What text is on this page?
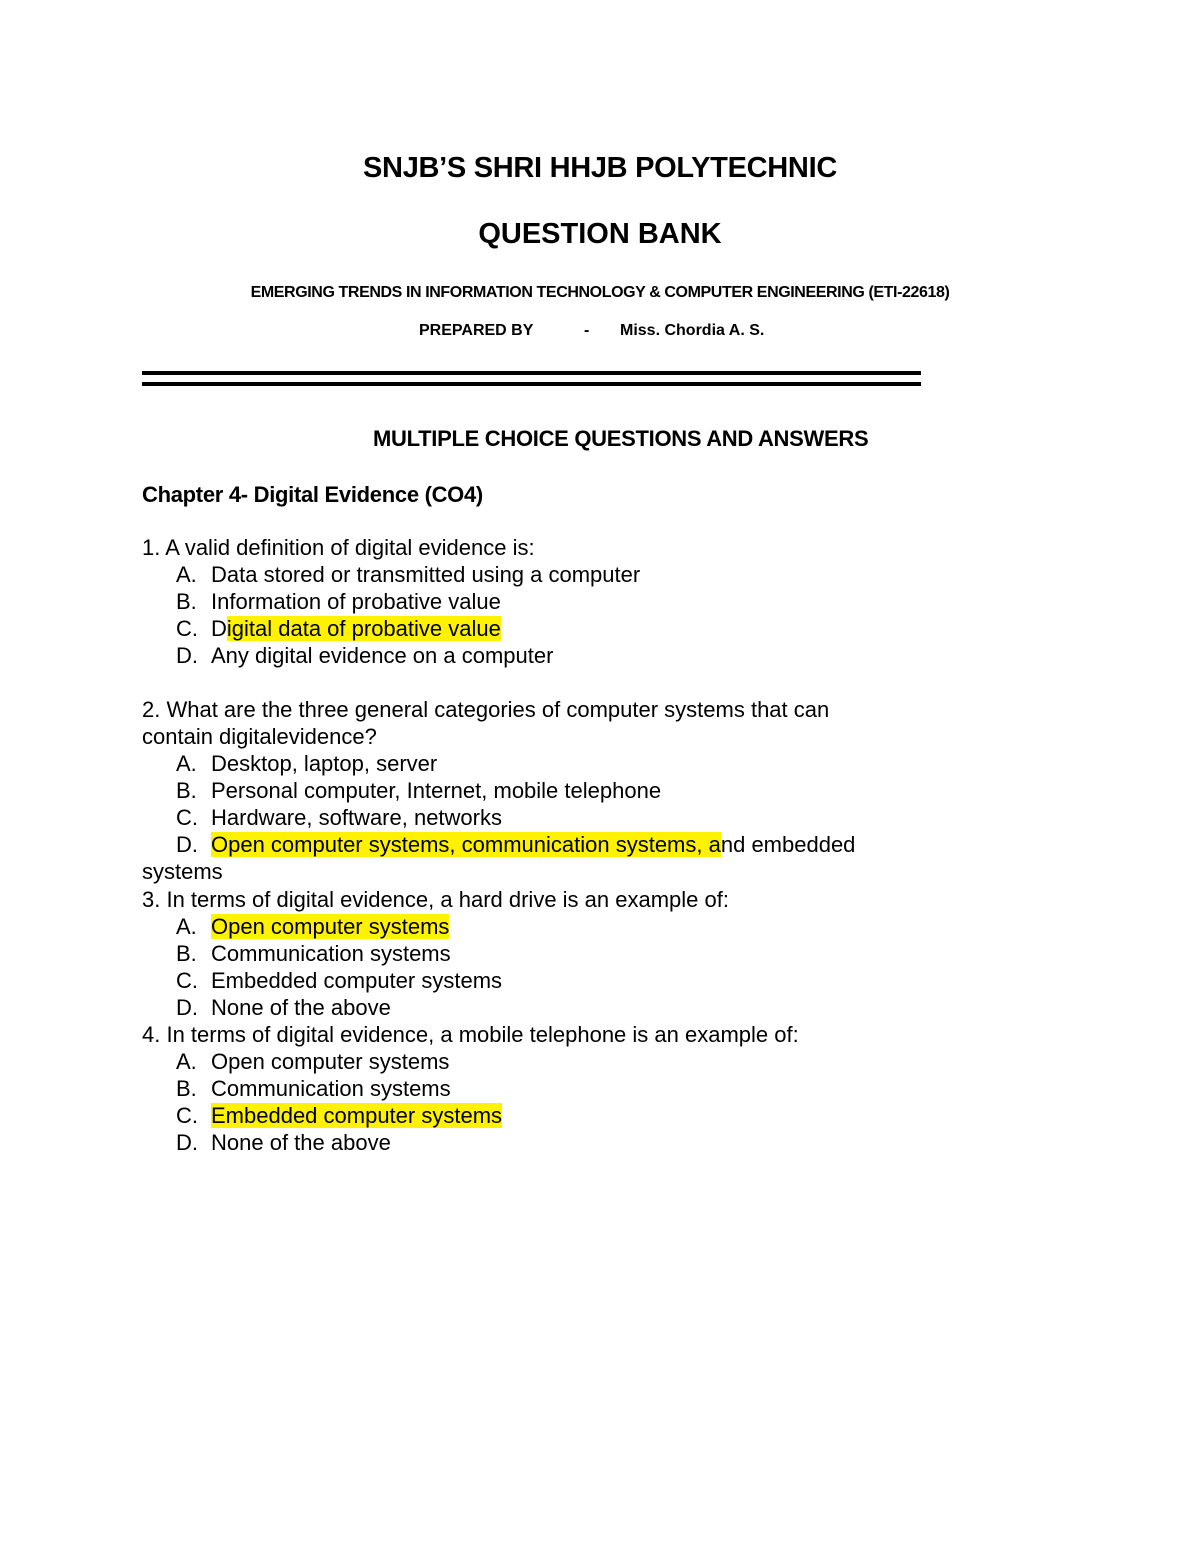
SNJB’S SHRI HHJB POLYTECHNIC
QUESTION BANK
EMERGING TRENDS IN INFORMATION TECHNOLOGY & COMPUTER ENGINEERING (ETI-22618)
PREPARED BY	- Miss. Chordia A. S.
MULTIPLE CHOICE QUESTIONS AND ANSWERS
Chapter 4- Digital Evidence (CO4)
1. A valid definition of digital evidence is:
A. Data stored or transmitted using a computer
B. Information of probative value
C. Digital data of probative value
D. Any digital evidence on a computer
2. What are the three general categories of computer systems that can
contain digitalevidence?
A. Desktop, laptop, server
B. Personal computer, Internet, mobile telephone
C. Hardware, software, networks
D. Open computer systems, communication systems, and embedded
systems
3. In terms of digital evidence, a hard drive is an example of:
A. Open computer systems
B. Communication systems
C. Embedded computer systems
D. None of the above
4. In terms of digital evidence, a mobile telephone is an example of:
A. Open computer systems
B. Communication systems
C. Embedded computer systems
D. None of the above
